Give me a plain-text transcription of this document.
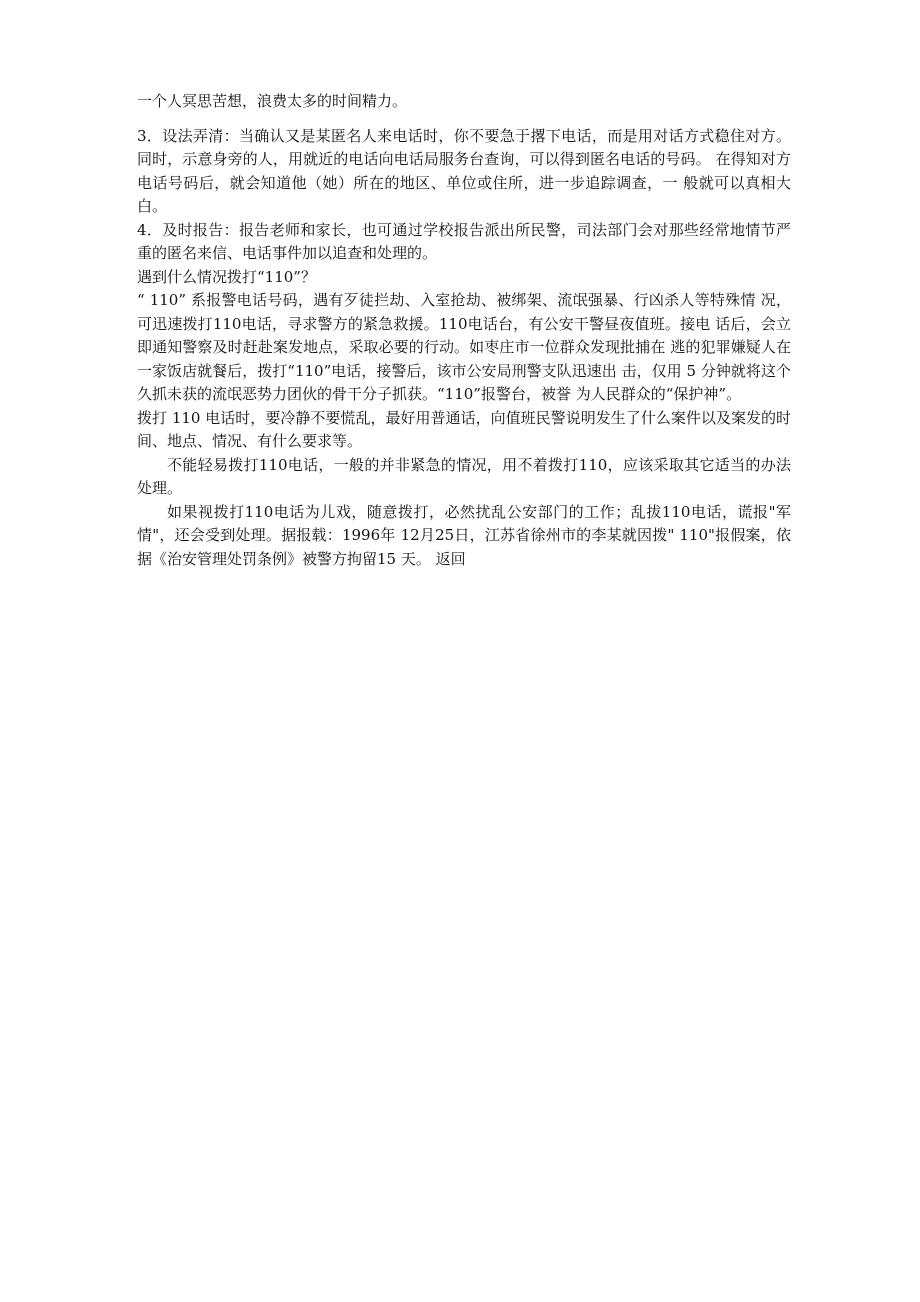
一个人冥思苦想，浪费太多的时间精力。

3．设法弄清：当确认又是某匿名人来电话时，你不要急于撂下电话，而是用对话方式稳住对方。同时，示意身旁的人，用就近的电话向电话局服务台查询，可以得到匿名电话的号码。 在得知对方电话号码后，就会知道他（她）所在的地区、单位或住所，进一步追踪调查，一 般就可以真相大白。

4．及时报告：报告老师和家长，也可通过学校报告派出所民警，司法部门会对那些经常地情节严重的匿名来信、电话事件加以追查和处理的。

遇到什么情况拨打“110”？

“ 110” 系报警电话号码，遇有歹徒拦劫、入室抢劫、被绑架、流氓强暴、行凶杀人等特殊情 况，可迅速拨打110电话，寻求警方的紧急救援。110电话台，有公安干警昼夜值班。接电 话后，会立即通知警察及时赶赴案发地点，采取必要的行动。如枣庄市一位群众发现批捕在 逃的犯罪嫌疑人在一家饭店就餐后，拨打“110”电话，接警后，该市公安局刑警支队迅速出 击，仅用 5 分钟就将这个久抓未获的流氓恶势力团伙的骨干分子抓获。“110”报警台，被誉 为人民群众的“保护神”。

拨打 110 电话时，要冷静不要慌乱，最好用普通话，向值班民警说明发生了什么案件以及案发的时间、地点、情况、有什么要求等。

不能轻易拨打110电话，一般的并非紧急的情况，用不着拨打110，应该采取其它适当的办法处理。

如果视拨打110电话为儿戏，随意拨打，必然扰乱公安部门的工作；乱拔110电话，谎报"军情"，还会受到处理。据报载：1996年 12月25日，江苏省徐州市的李某就因拨" 110"报假案，依据《治安管理处罚条例》被警方拘留15 天。 返回
